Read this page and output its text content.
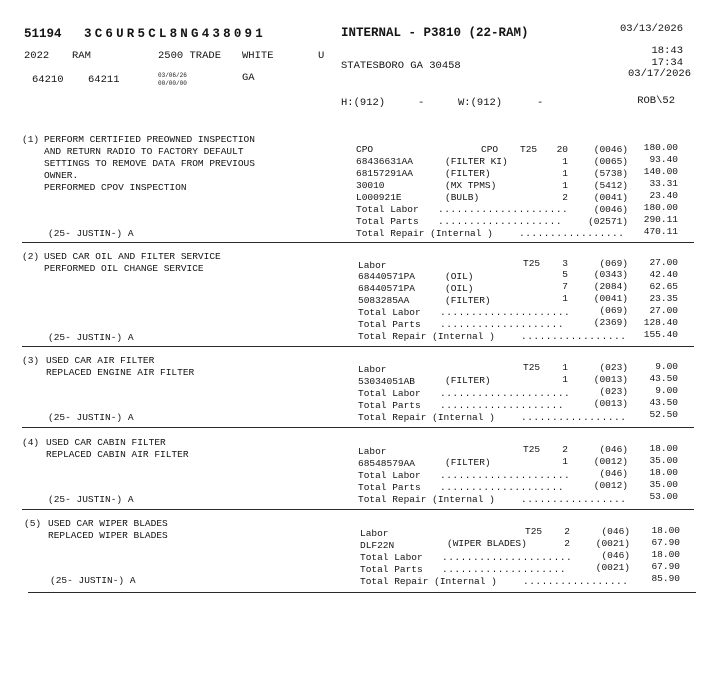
51194 3C6UR5CL8NG438091	INTERNAL - P3810 (22-RAM)	03/13/2026
2022 RAM	2500 TRADE WHITE	U	18:43
17:34
03/17/2026
STATESBORO GA 30458
64210 64211	03/06/26
00/00/00	GA
H:(912)	-	W:(912)	-	ROB\52
(1) PERFORM CERTIFIED PREOWNED INSPECTION
AND RETURN RADIO TO FACTORY DEFAULT
SETTINGS TO REMOVE DATA FROM PREVIOUS
OWNER.
PERFORMED CPOV INSPECTION
(25- JUSTIN-) A
CPO	CPO T25	20	(0046)	180.00
68436631AA	(FILTER KI)	1	(0065)	93.40
68157291AA	(FILTER)	1	(5738)	140.00
30010	(MX TPMS)	1	(5412)	33.31
L000921E	(BULB)	2	(0041)	23.40
Total Labor .....................	(0046)	180.00
Total Parts ....................	(02571)	290.11
Total Repair (Internal )	.................	470.11
(2) USED CAR OIL AND FILTER SERVICE
PERFORMED OIL CHANGE SERVICE
(25- JUSTIN-) A
Labor	T25	3	(069)	27.00
68440571PA	(OIL)	5	(0343)	42.40
68440571PA	(OIL)	7	(2084)	62.65
5083285AA	(FILTER)	1	(0041)	23.35
Total Labor .....................	(069)	27.00
Total Parts ....................	(2369)	128.40
Total Repair (Internal )	.................	155.40
(3) USED CAR AIR FILTER
REPLACED ENGINE AIR FILTER
(25- JUSTIN-) A
Labor	T25	1	(023)	9.00
53034051AB	(FILTER)	1	(0013)	43.50
Total Labor .....................	(023)	9.00
Total Parts ....................	(0013)	43.50
Total Repair (Internal )	.................	52.50
(4) USED CAR CABIN FILTER
REPLACED CABIN AIR FILTER
(25- JUSTIN-) A
Labor	T25	2	(046)	18.00
68548579AA	(FILTER)	1	(0012)	35.00
Total Labor .....................	(046)	18.00
Total Parts ....................	(0012)	35.00
Total Repair (Internal )	.................	53.00
(5) USED CAR WIPER BLADES
REPLACED WIPER BLADES
(25- JUSTIN-) A
Labor	T25	2	(046)	18.00
DLF22N	(WIPER BLADES)	2	(0021)	67.90
Total Labor .....................	(046)	18.00
Total Parts ....................	(0021)	67.90
Total Repair (Internal )	.................	85.90
